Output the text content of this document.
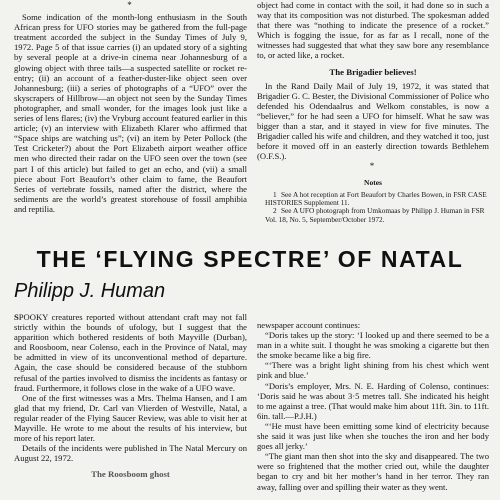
*

Some indication of the month-long enthusiasm in the South African press for UFO stories may be gathered from the full-page treatment accorded the subject in the Sunday Times of July 9, 1972. Page 5 of that issue carries (i) an updated story of a sighting by several people at a drive-in cinema near Johannesburg of a glowing object with three tails—a suspected satellite or rocket re-entry; (ii) an account of a feather-duster-like object seen over Johannesburg; (iii) a series of photographs of a “UFO” over the skyscrapers of Hillbrow—an object not seen by the Sunday Times photographer, and small wonder, for the images look just like a series of lens flares; (iv) the Vryburg account featured earlier in this article; (v) an interview with Elizabeth Klarer who affirmed that “Space ships are watching us”; (vi) an item by Peter Pollock (the Test Cricketer?) about the Port Elizabeth airport weather office men who directed their radar on the UFO seen over the town (see part I of this article) but failed to get an echo, and (vii) a small piece about Fort Beaufort’s other claim to fame, the Beaufort Series of vertebrate fossils, named after the district, where the sediments are the world’s greatest storehouse of fossil amphibia and reptilia.

object had come in contact with the soil, it had done so in such a way that its composition was not disturbed. The spokesman added that there was “nothing to indicate the presence of a rocket.” Which is fogging the issue, for as far as I recall, none of the witnesses had suggested that what they saw bore any resemblance to, or acted like, a rocket.

The Brigadier believes!

In the Rand Daily Mail of July 19, 1972, it was stated that Brigadier G. C. Bester, the Divisional Commissioner of Police who defended his Odendaalrus and Welkom constables, is now a “believer,” for he had seen a UFO for himself. What he saw was bigger than a star, and it stayed in view for five minutes. The Brigadier called his wife and children, and they watched it too, just before it moved off in an easterly direction towards Bethlehem (O.F.S.).

*
Notes

1 See A hot reception at Fort Beaufort by Charles Bowen, in FSR CASE HISTORIES Supplement 11.

2 See A UFO photograph from Umkomaas by Philipp J. Human in FSR Vol. 18, No. 5, September/October 1972.

THE ‘FLYING SPECTRE’ OF NATAL
Philipp J. Human

SPOOKY creatures reported without attendant craft may not fall strictly within the bounds of ufology, but I suggest that the apparition which bothered residents of both Mayville (Durban), and Roosboom, near Colenso, each in the Province of Natal, may be admitted in view of its unconventional method of departure. Again, the case should be considered because of the stubborn refusal of the parties involved to dismiss the incidents as fantasy or fraud. Furthermore, it follows close in the wake of a UFO wave.

One of the first witnesses was a Mrs. Thelma Hansen, and I am glad that my friend, Dr. Carl van Vlierden of Westville, Natal, a regular reader of the Flying Saucer Review, was able to visit her at Mayville. He wrote to me about the results of his interview, but more of his report later.

Details of the incidents were published in The Natal Mercury on August 22, 1972.

The Roosboom ghost

newspaper account continues:

“Doris takes up the story: ‘I looked up and there seemed to be a man in a white suit. I thought he was smoking a cigarette but then the smoke became like a big fire.

“‘There was a bright light shining from his chest which went pink and blue.’

“Doris’s employer, Mrs. N. E. Harding of Colenso, continues: ‘Doris said he was about 3·5 metres tall. She indicated his height to me against a tree. (That would make him about 11ft. 3in. to 11ft. 6in. tall.—P.J.H.)

“‘He must have been emitting some kind of electricity because she said it was just like when she touches the iron and her body goes all jerky.’

“The giant man then shot into the sky and disappeared. The two were so frightened that the mother cried out, while the daughter began to cry and bit her mother’s hand in her terror. They ran away, falling over and spilling their water as they went.
